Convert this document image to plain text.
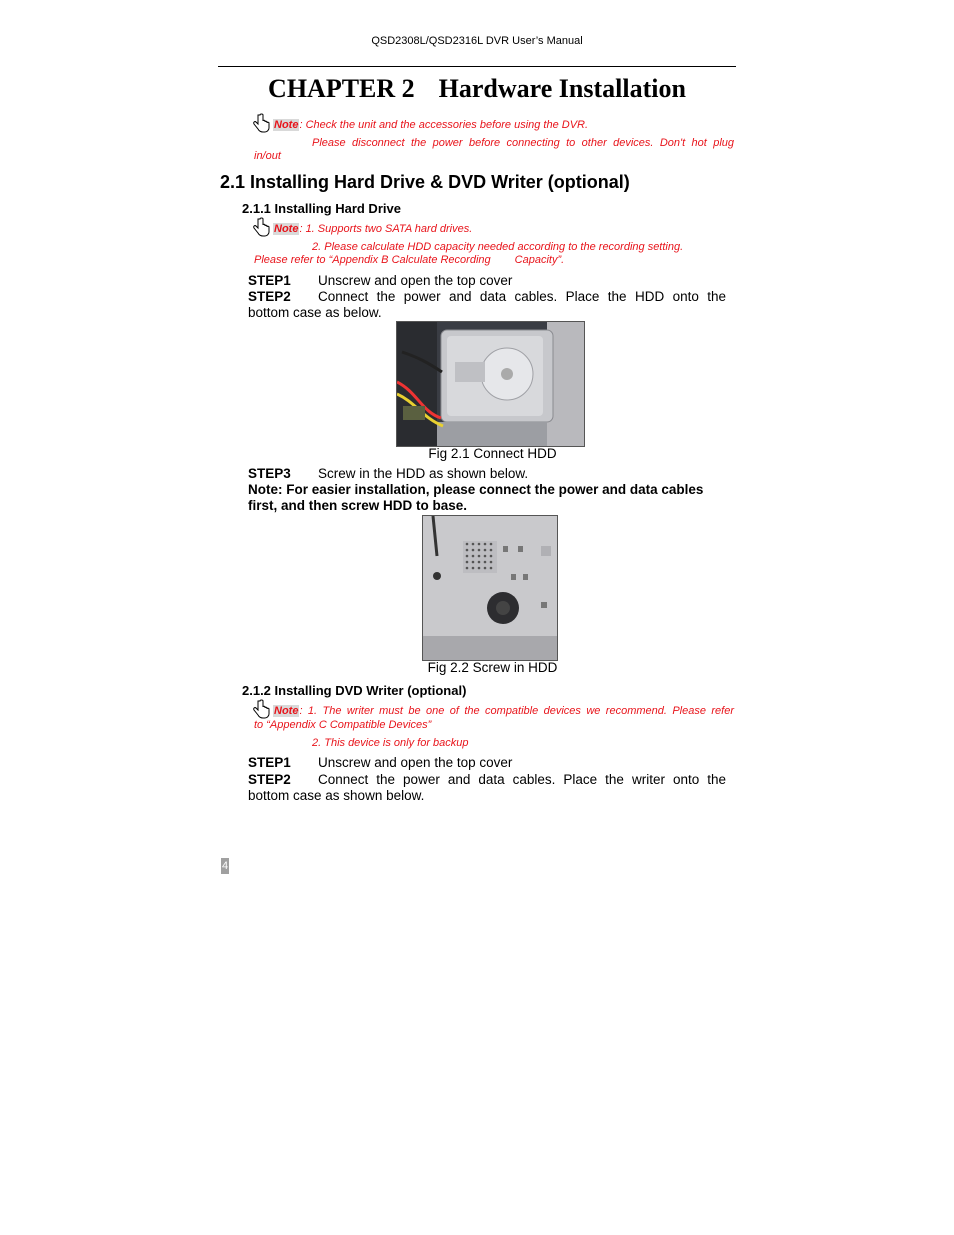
QSD2308L/QSD2316L DVR User’s Manual
CHAPTER 2 Hardware Installation
Note: Check the unit and the accessories before using the DVR.
Please disconnect the power before connecting to other devices. Don't hot plug
in/out
2.1 Installing Hard Drive & DVD Writer (optional)
2.1.1 Installing Hard Drive
Note: 1. Supports two SATA hard drives.
2. Please calculate HDD capacity needed according to the recording setting.
Please refer to “Appendix B Calculate Recording Capacity”.
STEP1 Unscrew and open the top cover
STEP2	Connect the power and data cables. Place the HDD onto the
bottom case as below.
Fig 2.1 Connect HDD
STEP3 Screw in the HDD as shown below.
Note: For easier installation, please connect the power and data cables
first, and then screw HDD to base.
Fig 2.2 Screw in HDD
2.1.2 Installing DVD Writer (optional)
Note: 1. The writer must be one of the compatible devices we recommend. Please refer
to “Appendix C Compatible Devices”
2. This device is only for backup
STEP1 Unscrew and open the top cover
STEP2	Connect the power and data cables. Place the writer onto the
bottom case as shown below.
4
